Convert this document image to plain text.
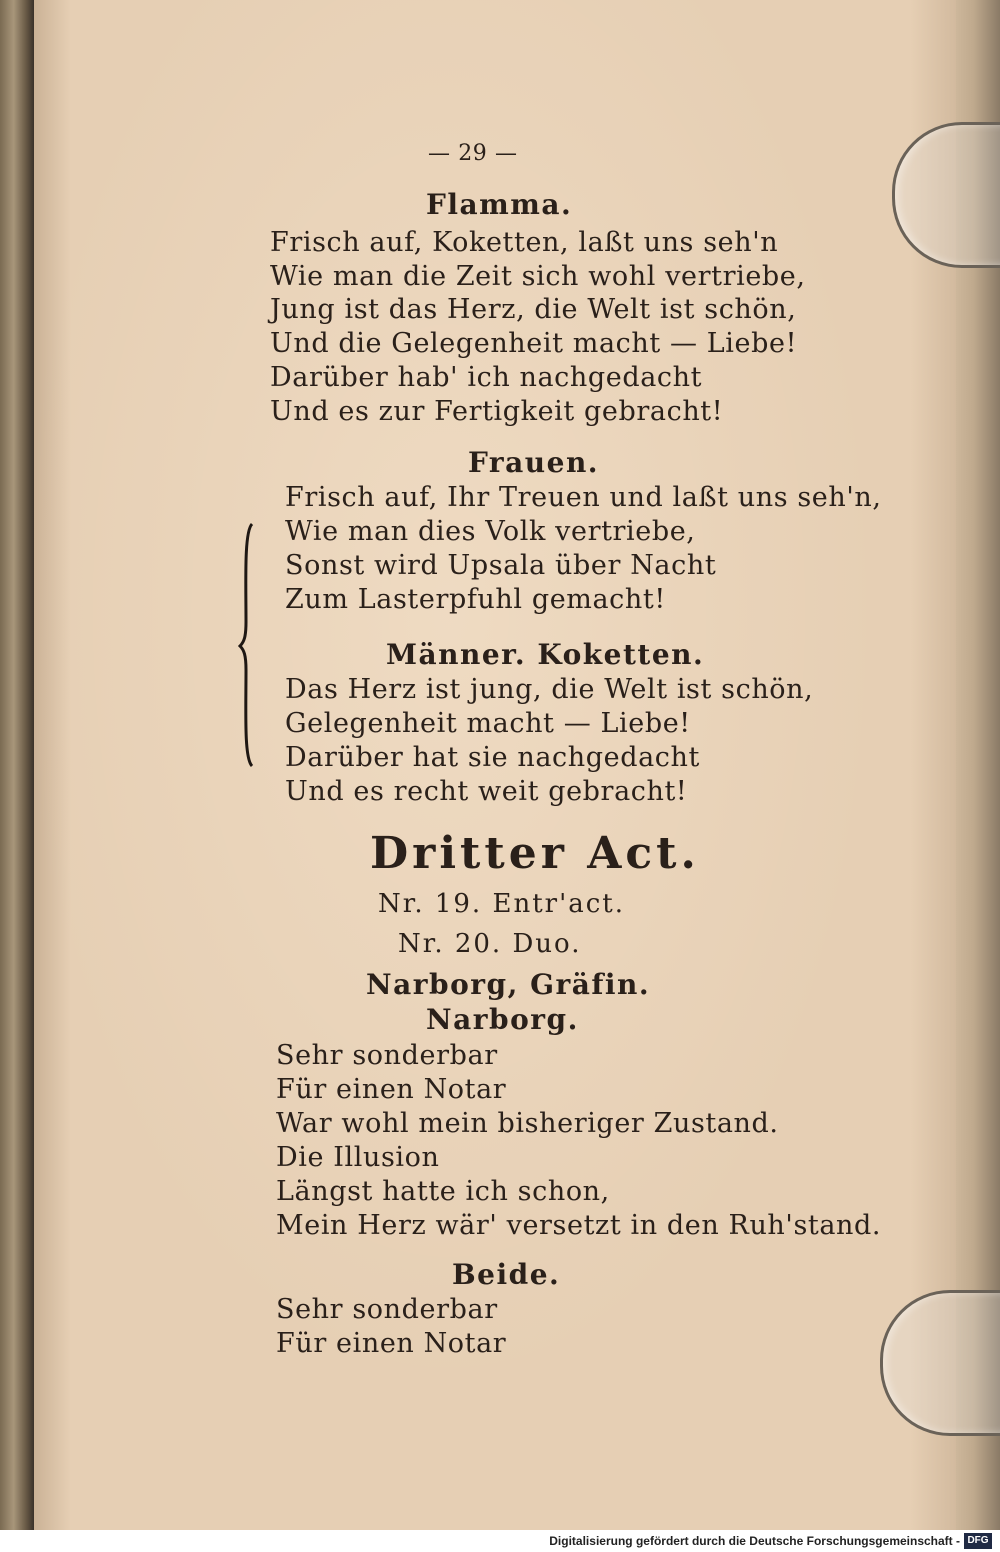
— 29 —
Flamma.
Frisch auf, Koketten, laßt uns seh'n
Wie man die Zeit sich wohl vertriebe,
Jung ist das Herz, die Welt ist schön,
Und die Gelegenheit macht — Liebe!
Darüber hab' ich nachgedacht
Und es zur Fertigkeit gebracht!
Frauen.
Frisch auf, Ihr Treuen und laßt uns seh'n,
Wie man dies Volk vertriebe,
Sonst wird Upsala über Nacht
Zum Lasterpfuhl gemacht!
Männer. Koketten.
Das Herz ist jung, die Welt ist schön,
Gelegenheit macht — Liebe!
Darüber hat sie nachgedacht
Und es recht weit gebracht!
Dritter Act.
Nr. 19. Entr'act.
Nr. 20. Duo.
Narborg, Gräfin.
Narborg.
Sehr sonderbar
Für einen Notar
War wohl mein bisheriger Zustand.
Die Illusion
Längst hatte ich schon,
Mein Herz wär' versetzt in den Ruh'stand.
Beide.
Sehr sonderbar
Für einen Notar
Digitalisierung gefördert durch die Deutsche Forschungsgemeinschaft - DFG
